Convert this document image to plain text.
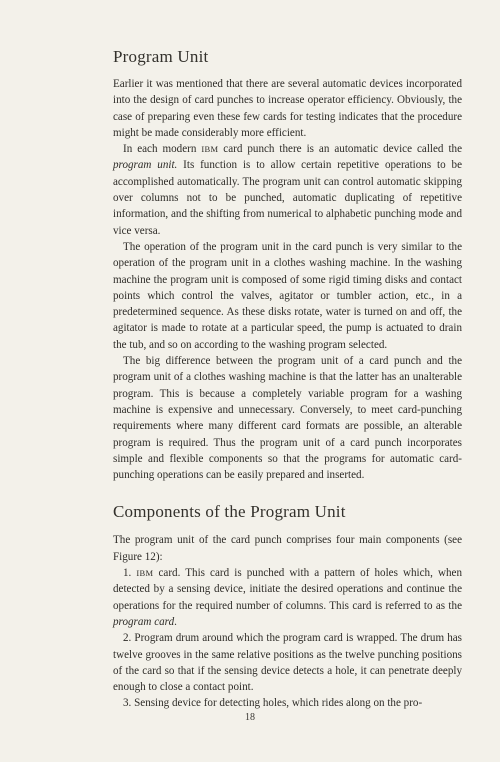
Program Unit

Earlier it was mentioned that there are several automatic devices incorporated into the design of card punches to increase operator efficiency. Obviously, the case of preparing even these few cards for testing indicates that the procedure might be made considerably more efficient.

In each modern IBM card punch there is an automatic device called the program unit. Its function is to allow certain repetitive operations to be accomplished automatically. The program unit can control automatic skipping over columns not to be punched, automatic duplicating of repetitive information, and the shifting from numerical to alphabetic punching mode and vice versa.

The operation of the program unit in the card punch is very similar to the operation of the program unit in a clothes washing machine. In the washing machine the program unit is composed of some rigid timing disks and contact points which control the valves, agitator or tumbler action, etc., in a predetermined sequence. As these disks rotate, water is turned on and off, the agitator is made to rotate at a particular speed, the pump is actuated to drain the tub, and so on according to the washing program selected.

The big difference between the program unit of a card punch and the program unit of a clothes washing machine is that the latter has an unalterable program. This is because a completely variable program for a washing machine is expensive and unnecessary. Conversely, to meet card-punching requirements where many different card formats are possible, an alterable program is required. Thus the program unit of a card punch incorporates simple and flexible components so that the programs for automatic card-punching operations can be easily prepared and inserted.

Components of the Program Unit

The program unit of the card punch comprises four main components (see Figure 12):

1. IBM card. This card is punched with a pattern of holes which, when detected by a sensing device, initiate the desired operations and continue the operations for the required number of columns. This card is referred to as the program card.

2. Program drum around which the program card is wrapped. The drum has twelve grooves in the same relative positions as the twelve punching positions of the card so that if the sensing device detects a hole, it can penetrate deeply enough to close a contact point.

3. Sensing device for detecting holes, which rides along on the pro-

18
